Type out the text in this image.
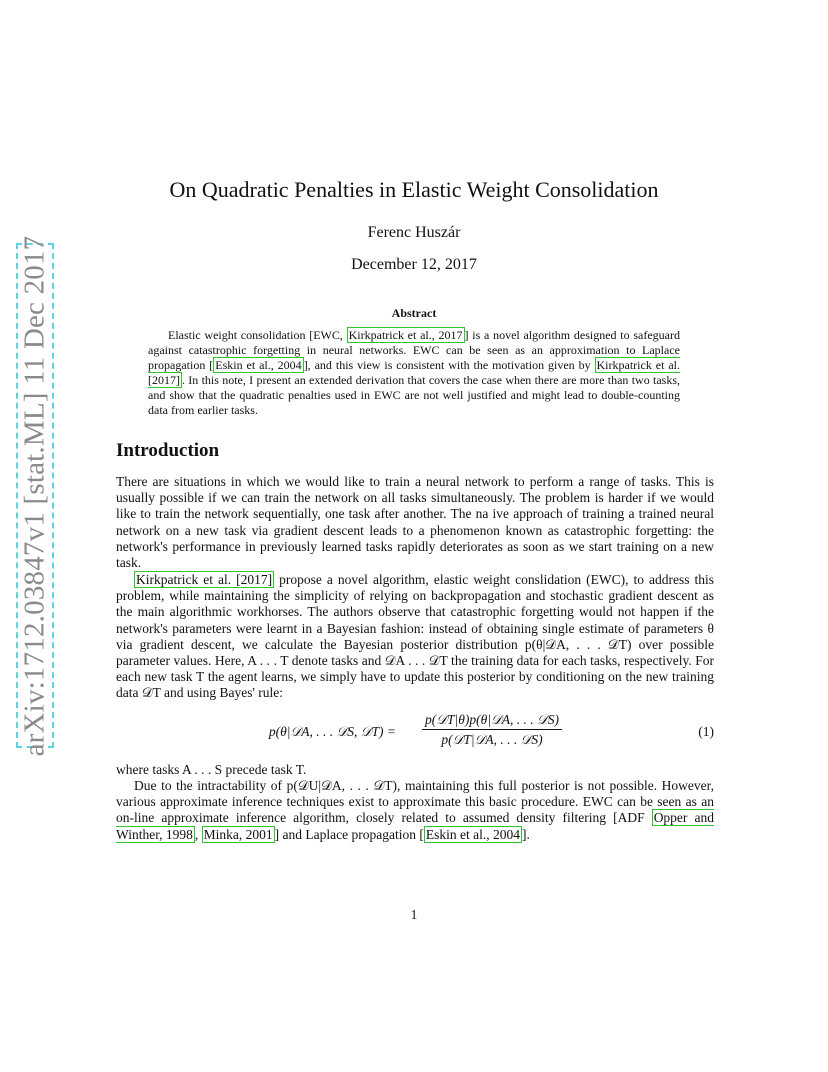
arXiv:1712.03847v1 [stat.ML] 11 Dec 2017
On Quadratic Penalties in Elastic Weight Consolidation
Ferenc Huszár
December 12, 2017
Abstract

Elastic weight consolidation [EWC, Kirkpatrick et al., 2017 ] is a novel algorithm designed to safeguard against catastrophic forgetting in neural networks. EWC can be seen as an approximation to Laplace propagation [ Eskin et al., 2004 ], and this view is consistent with the motivation given by Kirkpatrick et al. [2017] . In this note, I present an extended derivation that covers the case when there are more than two tasks, and show that the quadratic penalties used in EWC are not well justified and might lead to double-counting data from earlier tasks.

Introduction

There are situations in which we would like to train a neural network to perform a range of tasks. This is usually possible if we can train the network on all tasks simultaneously. The problem is harder if we would like to train the network sequentially, one task after another. The na ive approach of training a trained neural network on a new task via gradient descent leads to a phenomenon known as catastrophic forgetting: the network's performance in previously learned tasks rapidly deteriorates as soon as we start training on a new task.

Kirkpatrick et al. [2017] propose a novel algorithm, elastic weight conslidation (EWC), to address this problem, while maintaining the simplicity of relying on backpropagation and stochastic gradient descent as the main algorithmic workhorses. The authors observe that catastrophic forgetting would not happen if the network's parameters were learnt in a Bayesian fashion: instead of obtaining single estimate of parameters θ via gradient descent, we calculate the Bayesian posterior distribution p(θ|𝒟A, . . . 𝒟T) over possible parameter values. Here, A . . . T denote tasks and 𝒟A . . . 𝒟T the training data for each tasks, respectively. For each new task T the agent learns, we simply have to update this posterior by conditioning on the new training data 𝒟T and using Bayes' rule:

p(θ|𝒟A, . . . 𝒟S, 𝒟T) =
p(𝒟T|θ)p(θ|𝒟A, . . . 𝒟S)
p(𝒟T|𝒟A, . . . 𝒟S)
(1)

where tasks A . . . S precede task T.

Due to the intractability of p(𝒟U|𝒟A, . . . 𝒟T), maintaining this full posterior is not possible. However, various approximate inference techniques exist to approximate this basic procedure. EWC can be seen as an on-line approximate inference algorithm, closely related to assumed density filtering [ADF Opper and Winther, 1998 , Minka, 2001 ] and Laplace propagation [ Eskin et al., 2004 ].

1
